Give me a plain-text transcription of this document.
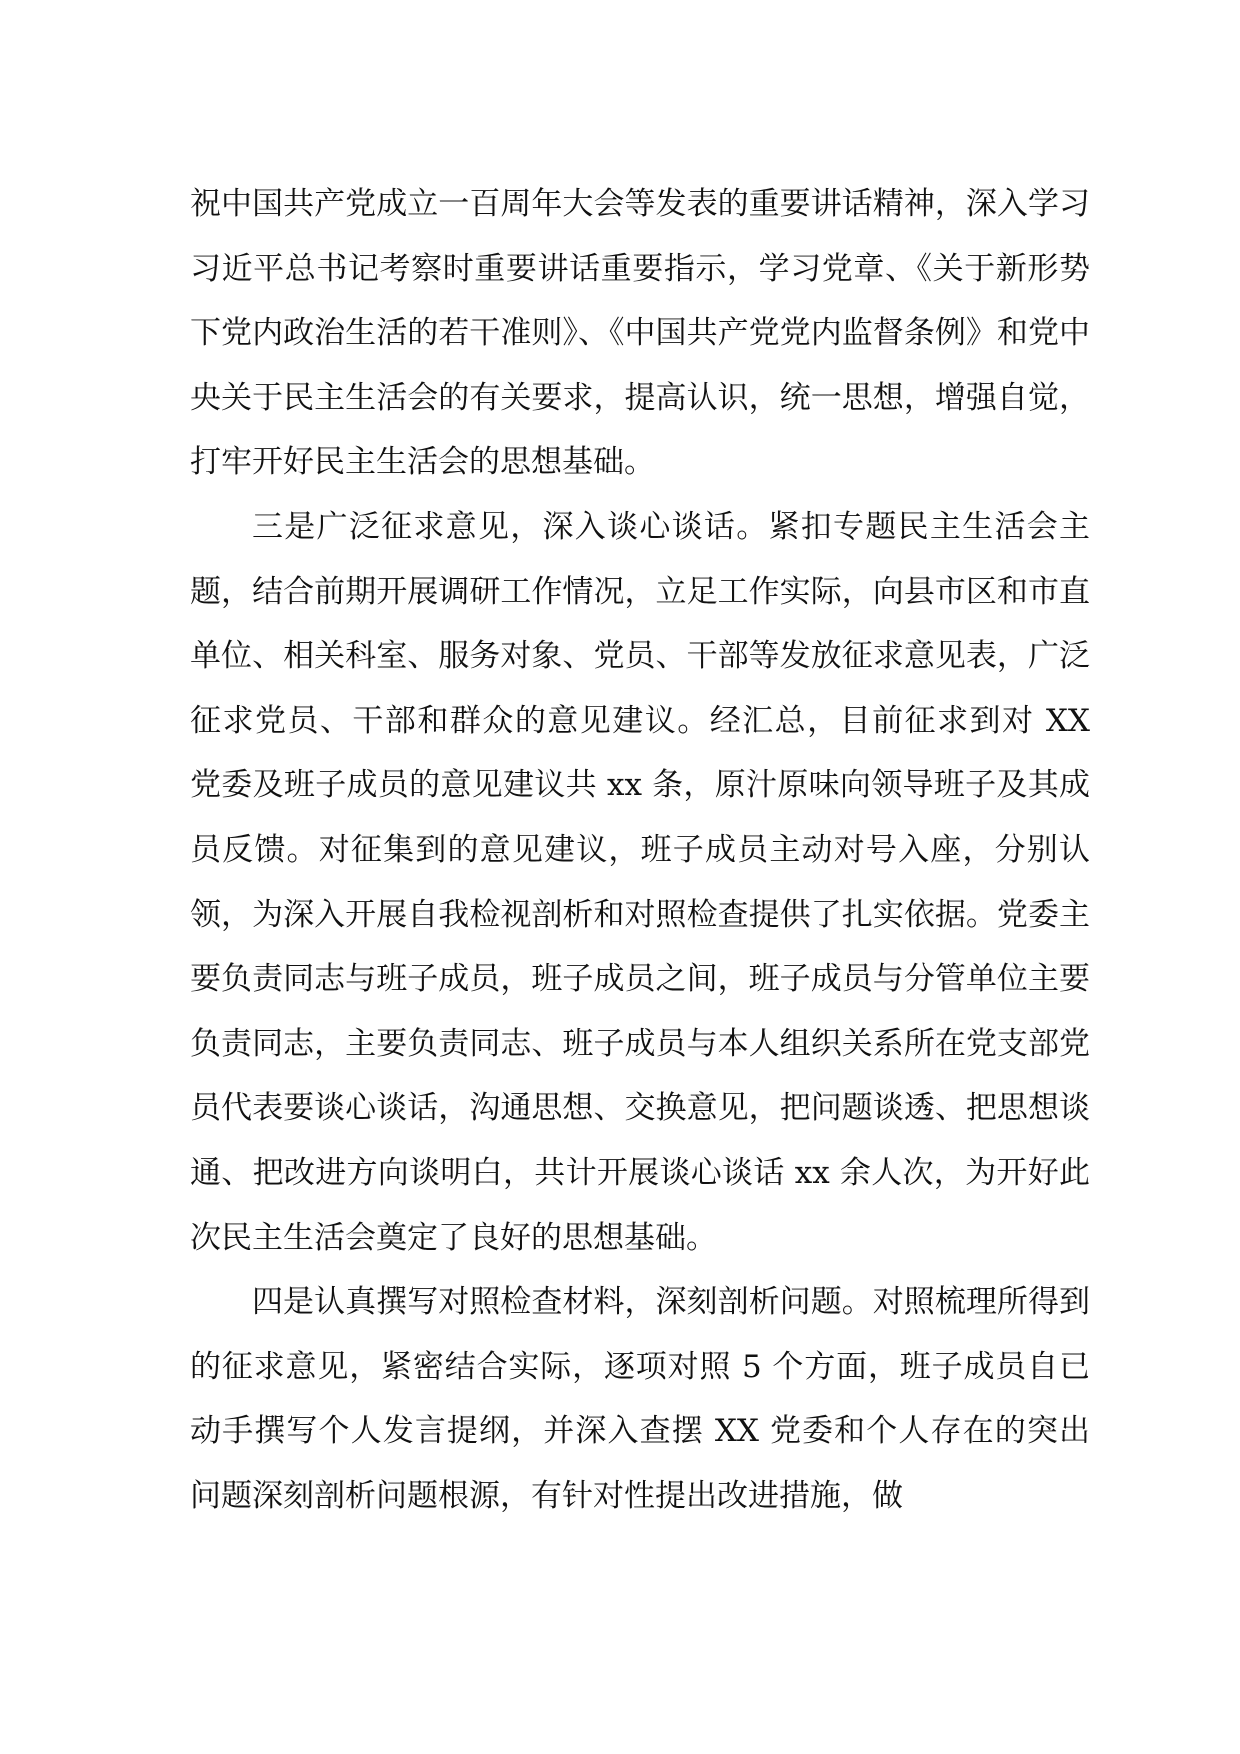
祝中国共产党成立一百周年大会等发表的重要讲话精神，深入学习习近平总书记考察时重要讲话重要指示，学习党章、《关于新形势下党内政治生活的若干准则》、《中国共产党党内监督条例》和党中央关于民主生活会的有关要求，提高认识，统一思想，增强自觉，打牢开好民主生活会的思想基础。

三是广泛征求意见，深入谈心谈话。紧扣专题民主生活会主题，结合前期开展调研工作情况，立足工作实际，向县市区和市直单位、相关科室、服务对象、党员、干部等发放征求意见表，广泛征求党员、干部和群众的意见建议。经汇总，目前征求到对 XX 党委及班子成员的意见建议共 xx 条，原汁原味向领导班子及其成员反馈。对征集到的意见建议，班子成员主动对号入座，分别认领，为深入开展自我检视剖析和对照检查提供了扎实依据。党委主要负责同志与班子成员，班子成员之间，班子成员与分管单位主要负责同志，主要负责同志、班子成员与本人组织关系所在党支部党员代表要谈心谈话，沟通思想、交换意见，把问题谈透、把思想谈通、把改进方向谈明白，共计开展谈心谈话 xx 余人次，为开好此次民主生活会奠定了良好的思想基础。

四是认真撰写对照检查材料，深刻剖析问题。对照梳理所得到的征求意见，紧密结合实际，逐项对照 5 个方面，班子成员自已动手撰写个人发言提纲，并深入查摆 XX 党委和个人存在的突出问题深刻剖析问题根源，有针对性提出改进措施，做
